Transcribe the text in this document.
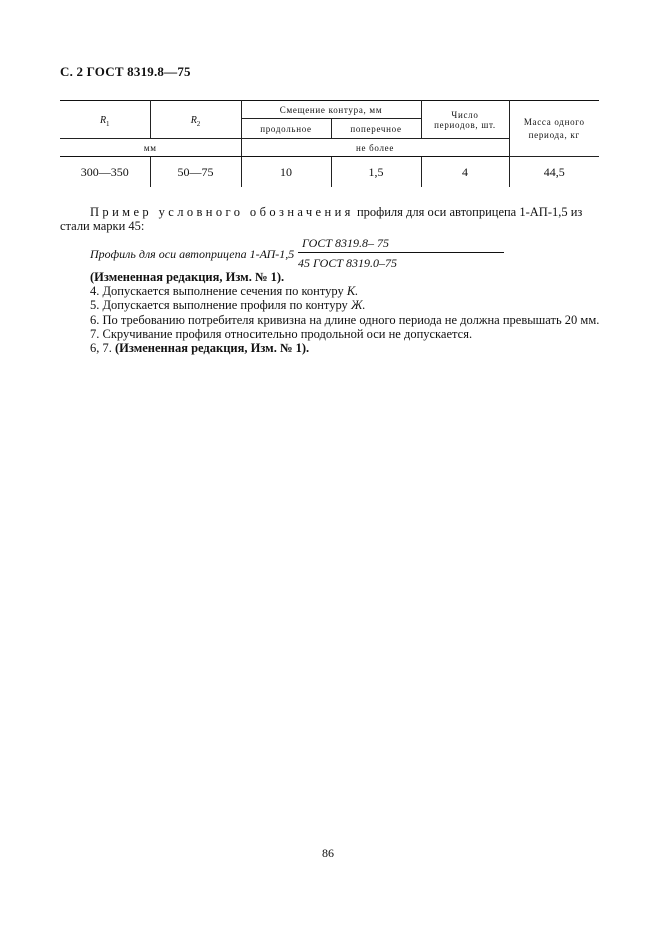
С. 2 ГОСТ 8319.8—75
$R_1$	$R_2$	Смещение контура, мм		Число периодов, шт.	Масса одного периода, кг
		продольное	поперечное		
мм		не более			
300—350	50—75	10	1,5	4	44,5
Пример условного обозначения профиля для оси автоприцепа 1-АП-1,5 из
стали марки 45:
Профиль для оси автоприцепа 1-АП-1,5
ГОСТ 8319.8– 75
45 ГОСТ 8319.0–75
(Измененная редакция, Изм. № 1).
4. Допускается выполнение сечения по контуру К.
5. Допускается выполнение профиля по контуру Ж.
6. По требованию потребителя кривизна на длине одного периода не должна превышать 20 мм.
7. Скручивание профиля относительно продольной оси не допускается.
6, 7. (Измененная редакция, Изм. № 1).
86
